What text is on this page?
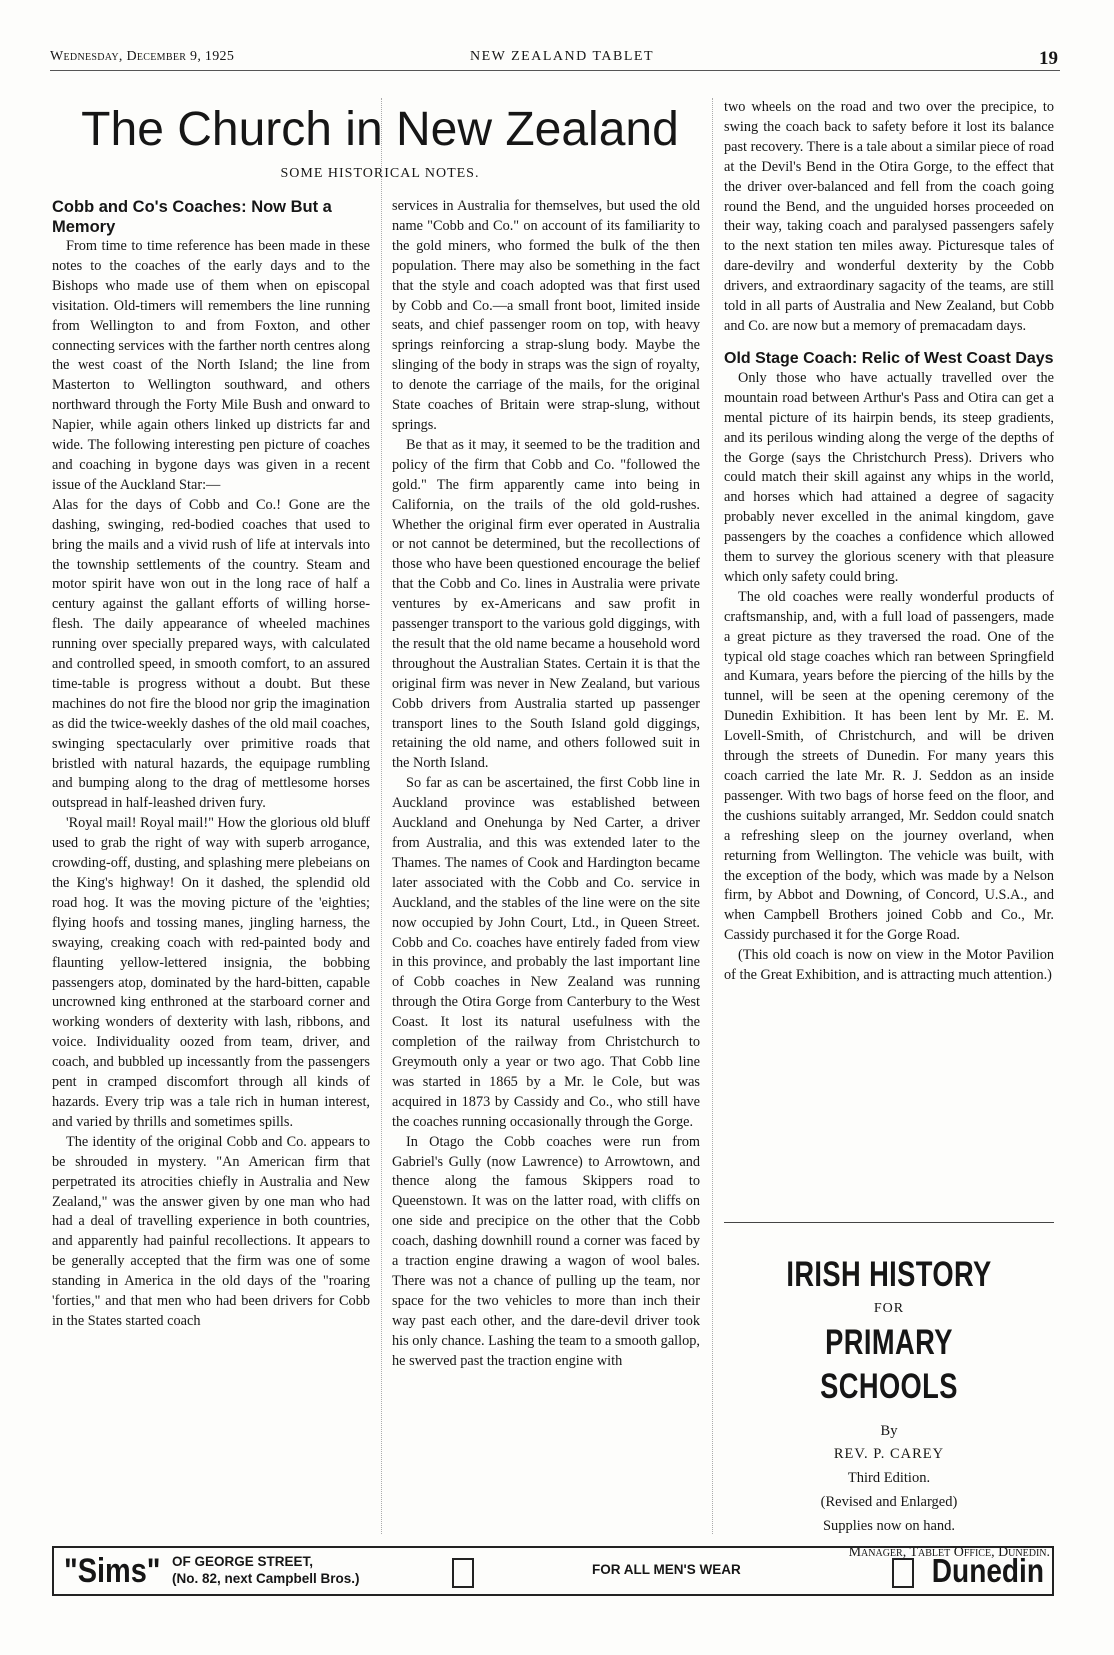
Wednesday, December 9, 1925	NEW ZEALAND TABLET	19
The Church in New Zealand
SOME HISTORICAL NOTES.
Cobb and Co's Coaches: Now But a Memory

From time to time reference has been made in these notes to the coaches of the early days and to the Bishops who made use of them when on episcopal visitation. Old-timers will remembers the line running from Wellington to and from Foxton, and other connecting services with the farther north centres along the west coast of the North Island; the line from Masterton to Wellington southward, and others northward through the Forty Mile Bush and onward to Napier, while again others linked up districts far and wide. The following interesting pen picture of coaches and coaching in bygone days was given in a recent issue of the Auckland Star:—

Alas for the days of Cobb and Co.! Gone are the dashing, swinging, red-bodied coaches that used to bring the mails and a vivid rush of life at intervals into the township settlements of the country. Steam and motor spirit have won out in the long race of half a century against the gallant efforts of willing horse-flesh. The daily appearance of wheeled machines running over specially prepared ways, with calculated and controlled speed, in smooth comfort, to an assured time-table is progress without a doubt. But these machines do not fire the blood nor grip the imagination as did the twice-weekly dashes of the old mail coaches, swinging spectacularly over primitive roads that bristled with natural hazards, the equipage rumbling and bumping along to the drag of mettlesome horses outspread in half-leashed driven fury.

'Royal mail! Royal mail!" How the glorious old bluff used to grab the right of way with superb arrogance, crowding-off, dusting, and splashing mere plebeians on the King's highway! On it dashed, the splendid old road hog. It was the moving picture of the 'eighties; flying hoofs and tossing manes, jingling harness, the swaying, creaking coach with red-painted body and flaunting yellow-lettered insignia, the bobbing passengers atop, dominated by the hard-bitten, capable uncrowned king enthroned at the starboard corner and working wonders of dexterity with lash, ribbons, and voice. Individuality oozed from team, driver, and coach, and bubbled up incessantly from the passengers pent in cramped discomfort through all kinds of hazards. Every trip was a tale rich in human interest, and varied by thrills and sometimes spills.

The identity of the original Cobb and Co. appears to be shrouded in mystery. "An American firm that perpetrated its atrocities chiefly in Australia and New Zealand," was the answer given by one man who had had a deal of travelling experience in both countries, and apparently had painful recollections. It appears to be generally accepted that the firm was one of some standing in America in the old days of the "roaring 'forties," and that men who had been drivers for Cobb in the States started coach

services in Australia for themselves, but used the old name "Cobb and Co." on account of its familiarity to the gold miners, who formed the bulk of the then population. There may also be something in the fact that the style and coach adopted was that first used by Cobb and Co.—a small front boot, limited inside seats, and chief passenger room on top, with heavy springs reinforcing a strap-slung body. Maybe the slinging of the body in straps was the sign of royalty, to denote the carriage of the mails, for the original State coaches of Britain were strap-slung, without springs.

Be that as it may, it seemed to be the tradition and policy of the firm that Cobb and Co. "followed the gold." The firm apparently came into being in California, on the trails of the old gold-rushes. Whether the original firm ever operated in Australia or not cannot be determined, but the recollections of those who have been questioned encourage the belief that the Cobb and Co. lines in Australia were private ventures by ex-Americans and saw profit in passenger transport to the various gold diggings, with the result that the old name became a household word throughout the Australian States. Certain it is that the original firm was never in New Zealand, but various Cobb drivers from Australia started up passenger transport lines to the South Island gold diggings, retaining the old name, and others followed suit in the North Island.

So far as can be ascertained, the first Cobb line in Auckland province was established between Auckland and Onehunga by Ned Carter, a driver from Australia, and this was extended later to the Thames. The names of Cook and Hardington became later associated with the Cobb and Co. service in Auckland, and the stables of the line were on the site now occupied by John Court, Ltd., in Queen Street. Cobb and Co. coaches have entirely faded from view in this province, and probably the last important line of Cobb coaches in New Zealand was running through the Otira Gorge from Canterbury to the West Coast. It lost its natural usefulness with the completion of the railway from Christchurch to Greymouth only a year or two ago. That Cobb line was started in 1865 by a Mr. le Cole, but was acquired in 1873 by Cassidy and Co., who still have the coaches running occasionally through the Gorge.

In Otago the Cobb coaches were run from Gabriel's Gully (now Lawrence) to Arrowtown, and thence along the famous Skippers road to Queenstown. It was on the latter road, with cliffs on one side and precipice on the other that the Cobb coach, dashing downhill round a corner was faced by a traction engine drawing a wagon of wool bales. There was not a chance of pulling up the team, nor space for the two vehicles to more than inch their way past each other, and the dare-devil driver took his only chance. Lashing the team to a smooth gallop, he swerved past the traction engine with

two wheels on the road and two over the precipice, to swing the coach back to safety before it lost its balance past recovery. There is a tale about a similar piece of road at the Devil's Bend in the Otira Gorge, to the effect that the driver over-balanced and fell from the coach going round the Bend, and the unguided horses proceeded on their way, taking coach and paralysed passengers safely to the next station ten miles away. Picturesque tales of dare-devilry and wonderful dexterity by the Cobb drivers, and extraordinary sagacity of the teams, are still told in all parts of Australia and New Zealand, but Cobb and Co. are now but a memory of premacadam days.

Old Stage Coach: Relic of West Coast Days

Only those who have actually travelled over the mountain road between Arthur's Pass and Otira can get a mental picture of its hairpin bends, its steep gradients, and its perilous winding along the verge of the depths of the Gorge (says the Christchurch Press). Drivers who could match their skill against any whips in the world, and horses which had attained a degree of sagacity probably never excelled in the animal kingdom, gave passengers by the coaches a confidence which allowed them to survey the glorious scenery with that pleasure which only safety could bring.

The old coaches were really wonderful products of craftsmanship, and, with a full load of passengers, made a great picture as they traversed the road. One of the typical old stage coaches which ran between Springfield and Kumara, years before the piercing of the hills by the tunnel, will be seen at the opening ceremony of the Dunedin Exhibition. It has been lent by Mr. E. M. Lovell-Smith, of Christchurch, and will be driven through the streets of Dunedin. For many years this coach carried the late Mr. R. J. Seddon as an inside passenger. With two bags of horse feed on the floor, and the cushions suitably arranged, Mr. Seddon could snatch a refreshing sleep on the journey overland, when returning from Wellington. The vehicle was built, with the exception of the body, which was made by a Nelson firm, by Abbot and Downing, of Concord, U.S.A., and when Campbell Brothers joined Cobb and Co., Mr. Cassidy purchased it for the Gorge Road.

(This old coach is now on view in the Motor Pavilion of the Great Exhibition, and is attracting much attention.)

IRISH HISTORY
FOR
PRIMARY SCHOOLS
By
REV. P. CAREY
Third Edition.
(Revised and Enlarged)
Supplies now on hand.
Manager, Tablet Office, Dunedin.
"Sims" OF GEORGE STREET,
(No. 82, next Campbell Bros.)
FOR ALL MEN'S WEAR	Dunedin
